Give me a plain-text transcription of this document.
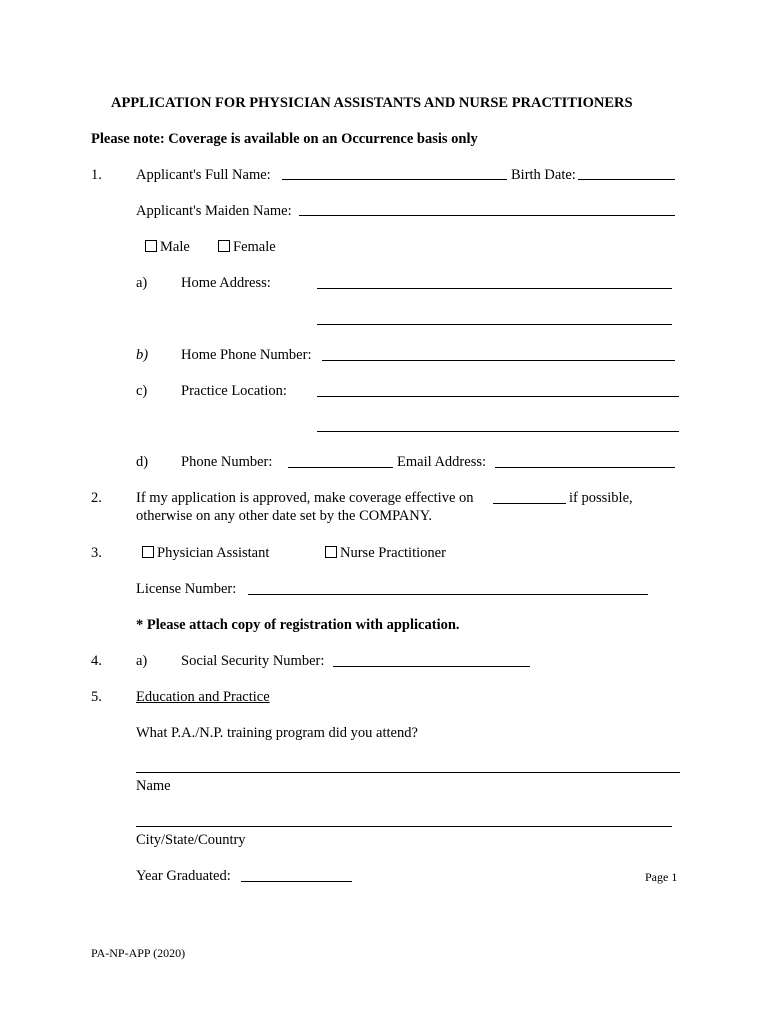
APPLICATION FOR PHYSICIAN ASSISTANTS AND NURSE PRACTITIONERS
Please note: Coverage is available on an Occurrence basis only
1. Applicant's Full Name:	Birth Date:
Applicant's Maiden Name:
Male	Female
a) Home Address:
b) Home Phone Number:
c) Practice Location:
d) Phone Number:	Email Address:
2. If my application is approved, make coverage effective on	if possible,
otherwise on any other date set by the COMPANY.
3.	Physician Assistant	Nurse Practitioner
License Number:
* Please attach copy of registration with application.
4. a) Social Security Number:
5. Education and Practice
What P.A./N.P. training program did you attend?
Name
City/State/Country
Year Graduated:	Page 1
PA-NP-APP (2020)
